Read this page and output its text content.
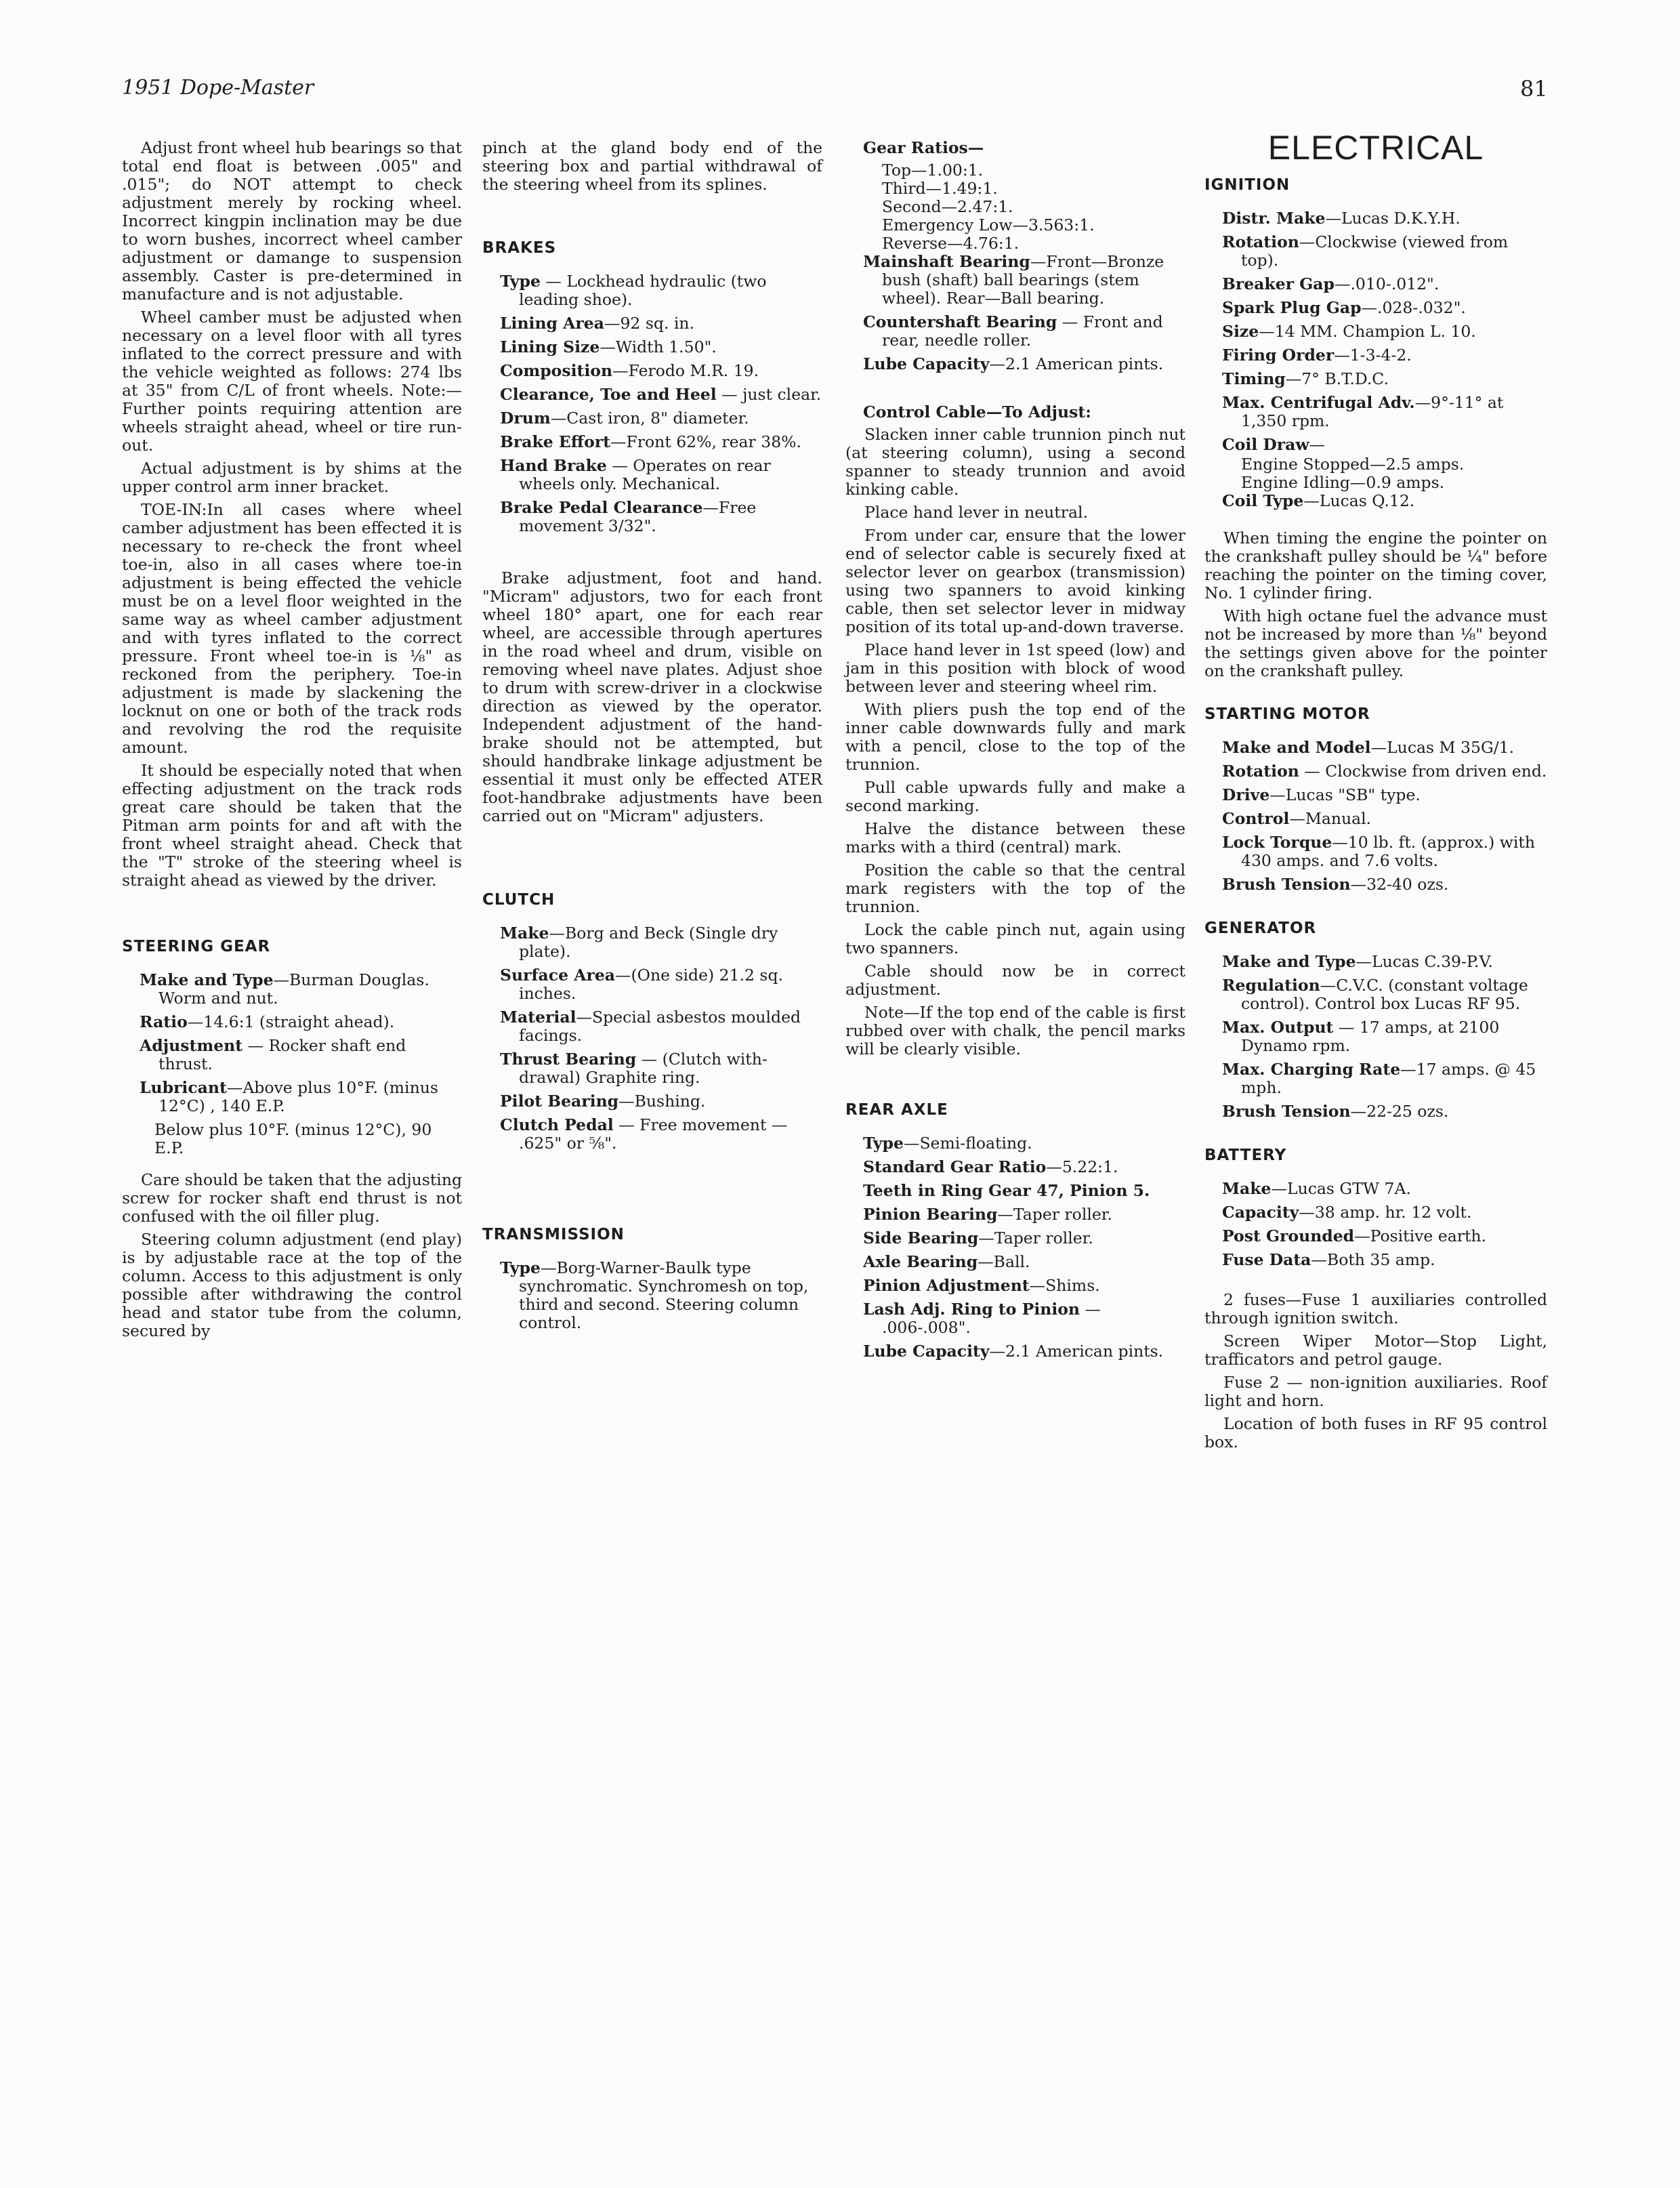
1951 Dope-Master	81

Adjust front wheel hub bearings so that total end float is between .005" and .015"; do NOT attempt to check adjustment merely by rocking wheel. Incorrect kingpin inclination may be due to worn bushes, incorrect wheel camber adjustment or damange to suspension assembly. Caster is pre-determined in manufacture and is not adjustable.

Wheel camber must be adjusted when necessary on a level floor with all tyres inflated to the correct pressure and with the vehicle weighted as follows: 274 lbs at 35" from C/L of front wheels. Note:— Further points requiring attention are wheels straight ahead, wheel or tire run-out.

Actual adjustment is by shims at the upper control arm inner bracket.

TOE-IN:In all cases where wheel camber adjustment has been effected it is necessary to re-check the front wheel toe-in, also in all cases where toe-in adjustment is being effected the vehicle must be on a level floor weighted in the same way as wheel camber adjustment and with tyres inflated to the correct pressure. Front wheel toe-in is ⅛" as reckoned from the periphery. Toe-in adjustment is made by slackening the locknut on one or both of the track rods and revolving the rod the requisite amount.

It should be especially noted that when effecting adjustment on the track rods great care should be taken that the Pitman arm points for and aft with the front wheel straight ahead. Check that the "T" stroke of the steering wheel is straight ahead as viewed by the driver.

STEERING GEAR
Make and Type—Burman Douglas. Worm and nut.
Ratio—14.6:1 (straight ahead).
Adjustment — Rocker shaft end thrust.
Lubricant—Above plus 10°F. (minus 12°C) , 140 E.P.
Below plus 10°F. (minus 12°C), 90 E.P.

Care should be taken that the adjusting screw for rocker shaft end thrust is not confused with the oil filler plug.

Steering column adjustment (end play) is by adjustable race at the top of the column. Access to this adjustment is only possible after withdrawing the control head and stator tube from the column, secured by

pinch at the gland body end of the steering box and partial withdrawal of the steering wheel from its splines.

BRAKES
Type — Lockhead hydraulic (two leading shoe).
Lining Area—92 sq. in.
Lining Size—Width 1.50".
Composition—Ferodo M.R. 19.
Clearance, Toe and Heel — just clear.
Drum—Cast iron, 8" diameter.
Brake Effort—Front 62%, rear 38%.
Hand Brake — Operates on rear wheels only. Mechanical.
Brake Pedal Clearance—Free movement 3/32".

Brake adjustment, foot and hand. "Micram" adjustors, two for each front wheel 180° apart, one for each rear wheel, are accessible through apertures in the road wheel and drum, visible on removing wheel nave plates. Adjust shoe to drum with screw-driver in a clockwise direction as viewed by the operator. Independent adjustment of the hand-brake should not be attempted, but should handbrake linkage adjustment be essential it must only be effected ATER foot-handbrake adjustments have been carried out on "Micram" adjusters.

CLUTCH
Make—Borg and Beck (Single dry plate).
Surface Area—(One side) 21.2 sq. inches.
Material—Special asbestos moulded facings.
Thrust Bearing — (Clutch with-drawal) Graphite ring.
Pilot Bearing—Bushing.
Clutch Pedal — Free movement — .625" or ⅝".
TRANSMISSION
Type—Borg-Warner-Baulk type synchromatic. Synchromesh on top, third and second. Steering column control.
Gear Ratios—
Top—1.00:1.
Third—1.49:1.
Second—2.47:1.
Emergency Low—3.563:1.
Reverse—4.76:1.
Mainshaft Bearing—Front—Bronze bush (shaft) ball bearings (stem wheel). Rear—Ball bearing.
Countershaft Bearing — Front and rear, needle roller.
Lube Capacity—2.1 American pints.
Control Cable—To Adjust:

Slacken inner cable trunnion pinch nut (at steering column), using a second spanner to steady trunnion and avoid kinking cable.

Place hand lever in neutral.

From under car, ensure that the lower end of selector cable is securely fixed at selector lever on gearbox (transmission) using two spanners to avoid kinking cable, then set selector lever in midway position of its total up-and-down traverse.

Place hand lever in 1st speed (low) and jam in this position with block of wood between lever and steering wheel rim.

With pliers push the top end of the inner cable downwards fully and mark with a pencil, close to the top of the trunnion.

Pull cable upwards fully and make a second marking.

Halve the distance between these marks with a third (central) mark.

Position the cable so that the central mark registers with the top of the trunnion.

Lock the cable pinch nut, again using two spanners.

Cable should now be in correct adjustment.

Note—If the top end of the cable is first rubbed over with chalk, the pencil marks will be clearly visible.

REAR AXLE
Type—Semi-floating.
Standard Gear Ratio—5.22:1.
Teeth in Ring Gear 47, Pinion 5.
Pinion Bearing—Taper roller.
Side Bearing—Taper roller.
Axle Bearing—Ball.
Pinion Adjustment—Shims.
Lash Adj. Ring to Pinion — .006-.008".
Lube Capacity—2.1 American pints.
ELECTRICAL
IGNITION
Distr. Make—Lucas D.K.Y.H.
Rotation—Clockwise (viewed from top).
Breaker Gap—.010-.012".
Spark Plug Gap—.028-.032".
Size—14 MM. Champion L. 10.
Firing Order—1-3-4-2.
Timing—7° B.T.D.C.
Max. Centrifugal Adv.—9°-11° at 1,350 rpm.
Coil Draw—
Engine Stopped—2.5 amps.
Engine Idling—0.9 amps.
Coil Type—Lucas Q.12.

When timing the engine the pointer on the crankshaft pulley should be ¼" before reaching the pointer on the timing cover, No. 1 cylinder firing.

With high octane fuel the advance must not be increased by more than ⅛" beyond the settings given above for the pointer on the crankshaft pulley.

STARTING MOTOR
Make and Model—Lucas M 35G/1.
Rotation — Clockwise from driven end.
Drive—Lucas "SB" type.
Control—Manual.
Lock Torque—10 lb. ft. (approx.) with 430 amps. and 7.6 volts.
Brush Tension—32-40 ozs.
GENERATOR
Make and Type—Lucas C.39-P.V.
Regulation—C.V.C. (constant voltage control). Control box Lucas RF 95.
Max. Output — 17 amps, at 2100 Dynamo rpm.
Max. Charging Rate—17 amps. @ 45 mph.
Brush Tension—22-25 ozs.
BATTERY
Make—Lucas GTW 7A.
Capacity—38 amp. hr. 12 volt.
Post Grounded—Positive earth.
Fuse Data—Both 35 amp.

2 fuses—Fuse 1 auxiliaries controlled through ignition switch.

Screen Wiper Motor—Stop Light, trafficators and petrol gauge.

Fuse 2 — non-ignition auxiliaries. Roof light and horn.

Location of both fuses in RF 95 control box.
